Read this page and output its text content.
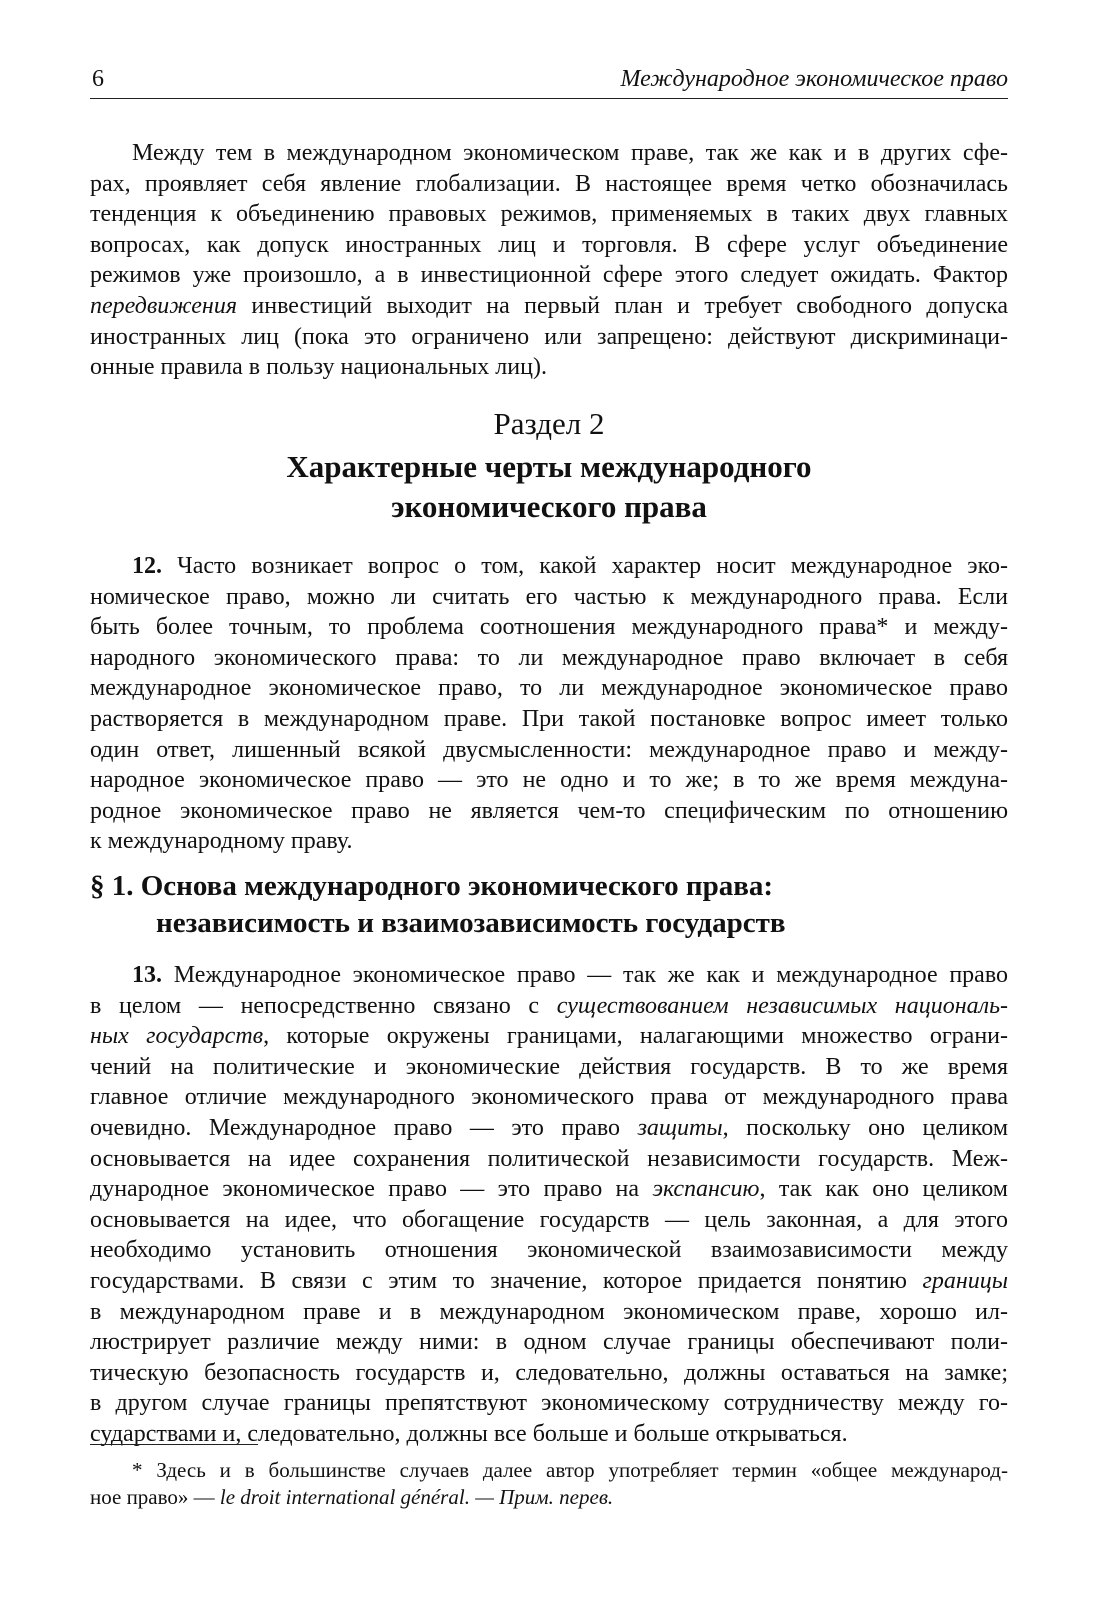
6	Международное экономическое право
Между тем в международном экономическом праве, так же как и в других сфе-
рах, проявляет себя явление глобализации. В настоящее время четко обозначилась
тенденция к объединению правовых режимов, применяемых в таких двух главных
вопросах, как допуск иностранных лиц и торговля. В сфере услуг объединение
режимов уже произошло, а в инвестиционной сфере этого следует ожидать. Фактор
передвижения инвестиций выходит на первый план и требует свободного допуска
иностранных лиц (пока это ограничено или запрещено: действуют дискриминаци-
онные правила в пользу национальных лиц).
Раздел 2
Характерные черты международного
экономического права
12. Часто возникает вопрос о том, какой характер носит международное эко-
номическое право, можно ли считать его частью к международного права. Если
быть более точным, то проблема соотношения международного права* и между-
народного экономического права: то ли международное право включает в себя
международное экономическое право, то ли международное экономическое право
растворяется в международном праве. При такой постановке вопрос имеет только
один ответ, лишенный всякой двусмысленности: международное право и между-
народное экономическое право — это не одно и то же; в то же время междуна-
родное экономическое право не является чем-то специфическим по отношению
к международному праву.
§ 1. Основа международного экономического права:
независимость и взаимозависимость государств
13. Международное экономическое право — так же как и международное право
в целом — непосредственно связано с существованием независимых националь-
ных государств, которые окружены границами, налагающими множество ограни-
чений на политические и экономические действия государств. В то же время
главное отличие международного экономического права от международного права
очевидно. Международное право — это право защиты, поскольку оно целиком
основывается на идее сохранения политической независимости государств. Меж-
дународное экономическое право — это право на экспансию, так как оно целиком
основывается на идее, что обогащение государств — цель законная, а для этого
необходимо установить отношения экономической взаимозависимости между
государствами. В связи с этим то значение, которое придается понятию границы
в международном праве и в международном экономическом праве, хорошо ил-
люстрирует различие между ними: в одном случае границы обеспечивают поли-
тическую безопасность государств и, следовательно, должны оставаться на замке;
в другом случае границы препятствуют экономическому сотрудничеству между го-
сударствами и, следовательно, должны все больше и больше открываться.
* Здесь и в большинстве случаев далее автор употребляет термин «общее международ-
ное право» — le droit international général. — Прим. перев.
